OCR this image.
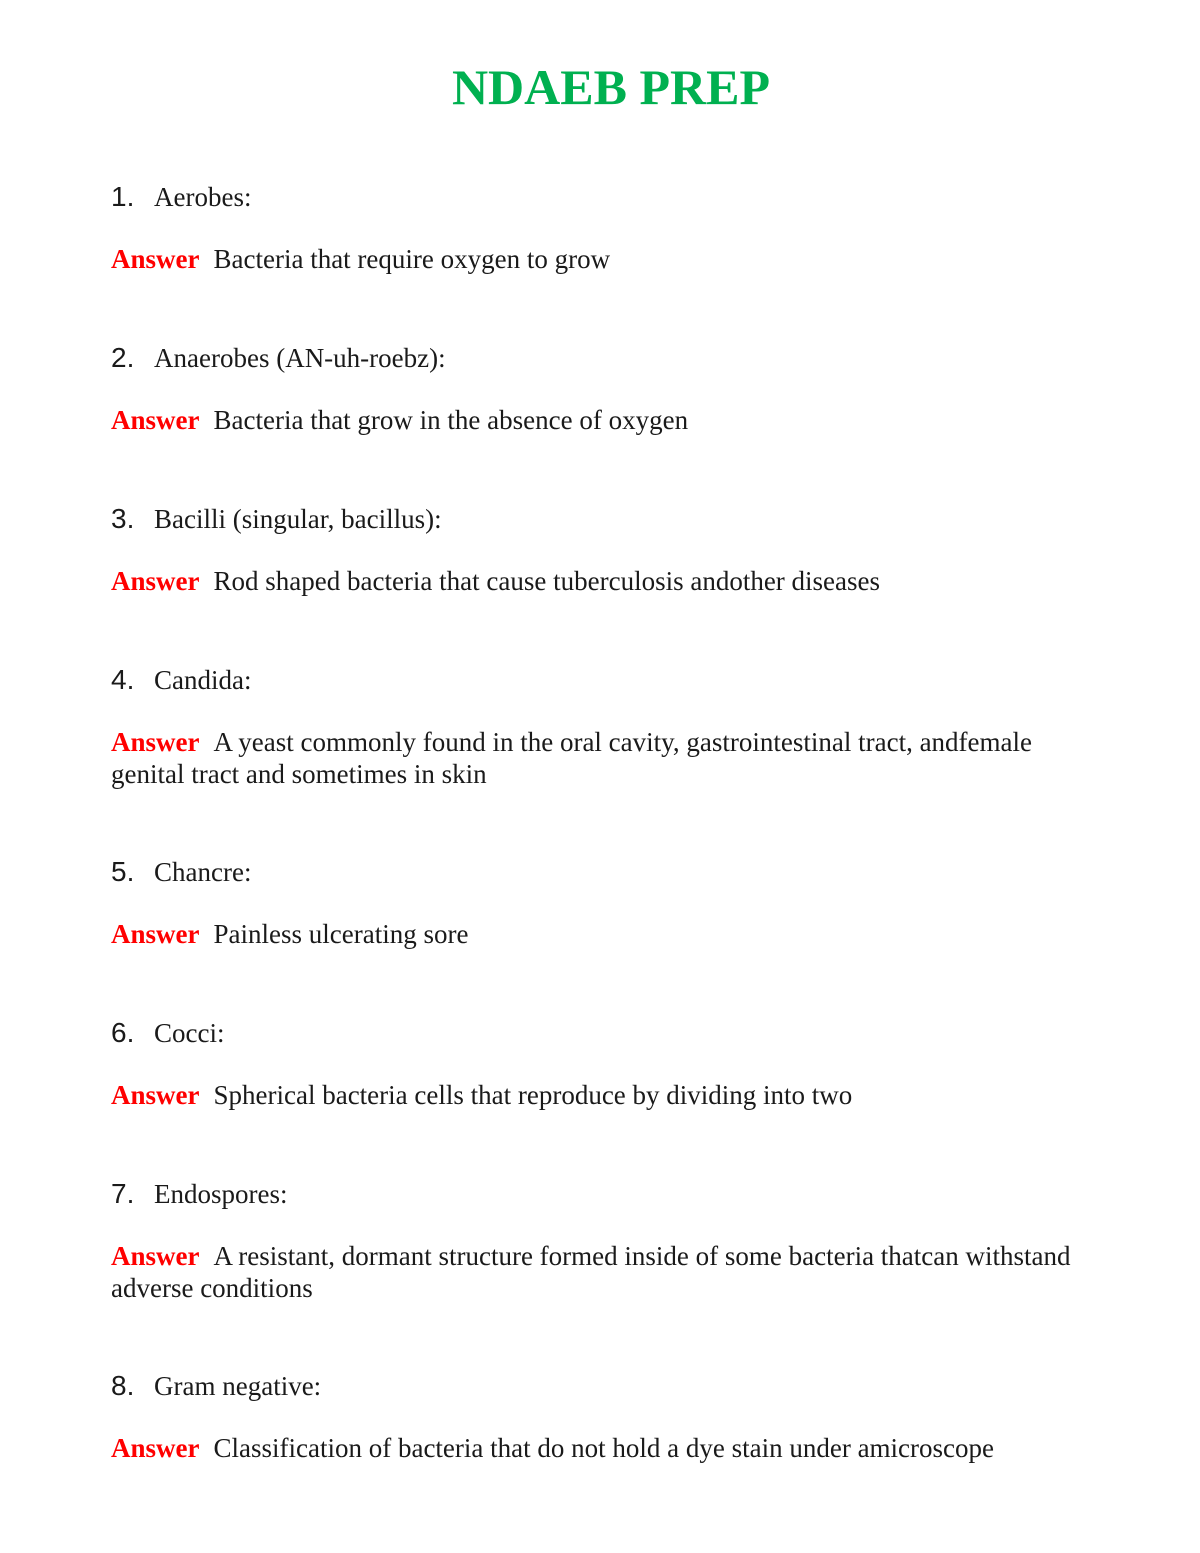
NDAEB PREP

1. Aerobes:

Answer Bacteria that require oxygen to grow

2. Anaerobes (AN-uh-roebz):

Answer Bacteria that grow in the absence of oxygen

3. Bacilli (singular, bacillus):

Answer Rod shaped bacteria that cause tuberculosis andother diseases

4. Candida:

Answer A yeast commonly found in the oral cavity, gastrointestinal tract, andfemale genital tract and sometimes in skin

5. Chancre:

Answer Painless ulcerating sore

6. Cocci:

Answer Spherical bacteria cells that reproduce by dividing into two

7. Endospores:

Answer A resistant, dormant structure formed inside of some bacteria thatcan withstand adverse conditions

8. Gram negative:

Answer Classification of bacteria that do not hold a dye stain under amicroscope
